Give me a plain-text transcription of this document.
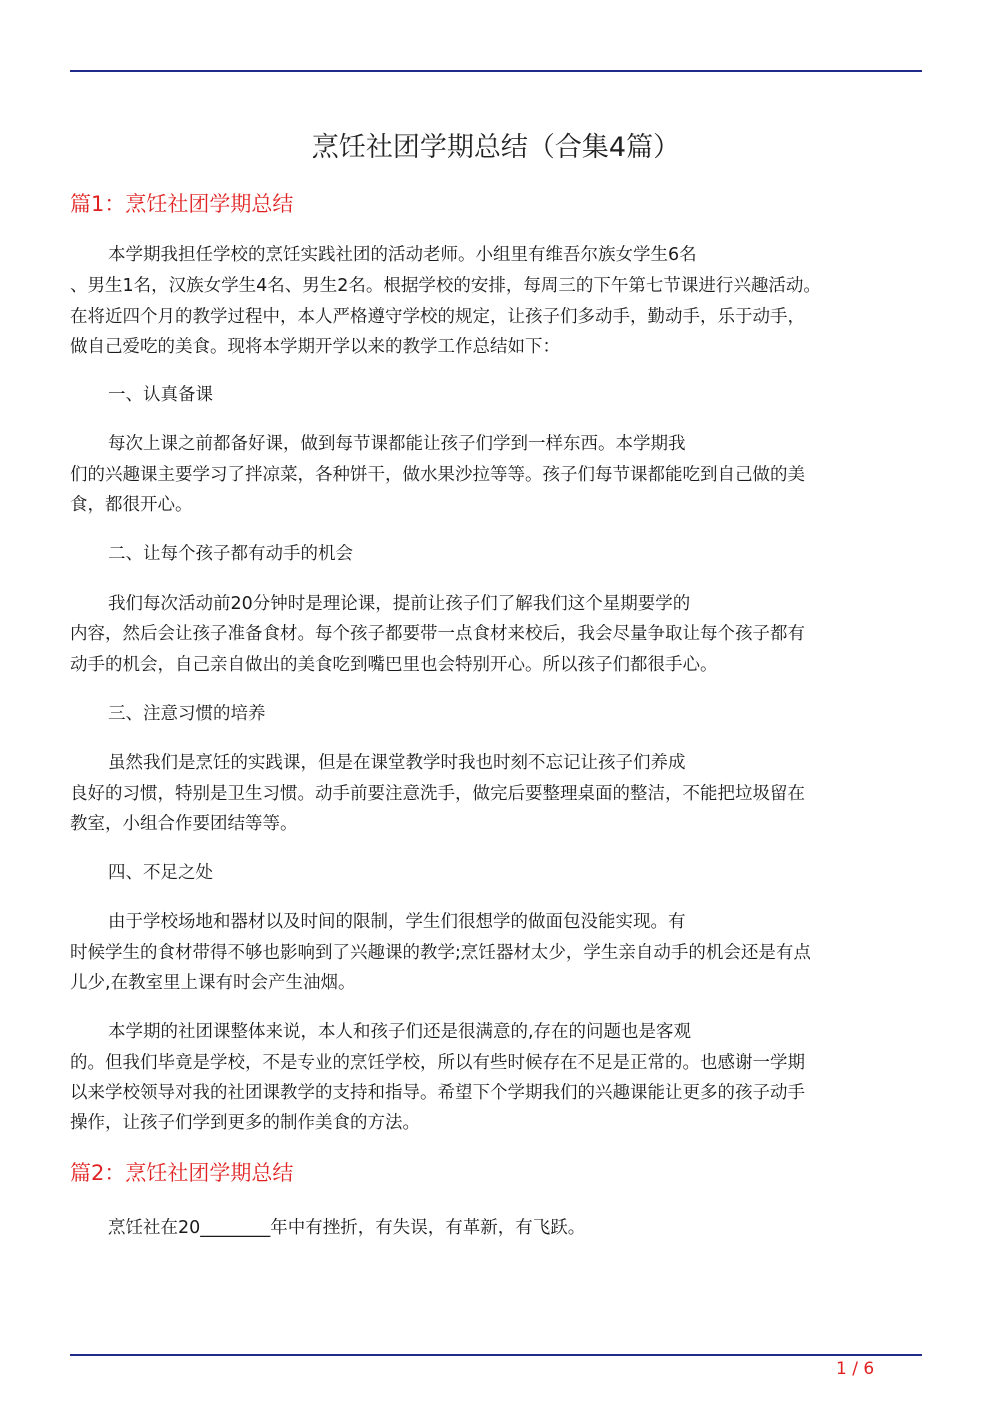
烹饪社团学期总结（合集4篇）
篇1：烹饪社团学期总结
本学期我担任学校的烹饪实践社团的活动老师。小组里有维吾尔族女学生6名
、男生1名，汉族女学生4名、男生2名。根据学校的安排，每周三的下午第七节课进行兴趣活动。
在将近四个月的教学过程中，本人严格遵守学校的规定，让孩子们多动手，勤动手，乐于动手，
做自己爱吃的美食。现将本学期开学以来的教学工作总结如下：
一、认真备课
每次上课之前都备好课，做到每节课都能让孩子们学到一样东西。本学期我
们的兴趣课主要学习了拌凉菜，各种饼干，做水果沙拉等等。孩子们每节课都能吃到自己做的美
食，都很开心。
二、让每个孩子都有动手的机会
我们每次活动前20分钟时是理论课，提前让孩子们了解我们这个星期要学的
内容，然后会让孩子准备食材。每个孩子都要带一点食材来校后，我会尽量争取让每个孩子都有
动手的机会，自己亲自做出的美食吃到嘴巴里也会特别开心。所以孩子们都很手心。
三、注意习惯的培养
虽然我们是烹饪的实践课，但是在课堂教学时我也时刻不忘记让孩子们养成
良好的习惯，特别是卫生习惯。动手前要注意洗手，做完后要整理桌面的整洁，不能把垃圾留在
教室，小组合作要团结等等。
四、不足之处
由于学校场地和器材以及时间的限制，学生们很想学的做面包没能实现。有
时候学生的食材带得不够也影响到了兴趣课的教学;烹饪器材太少，学生亲自动手的机会还是有点
儿少,在教室里上课有时会产生油烟。
本学期的社团课整体来说，本人和孩子们还是很满意的,存在的问题也是客观
的。但我们毕竟是学校，不是专业的烹饪学校，所以有些时候存在不足是正常的。也感谢一学期
以来学校领导对我的社团课教学的支持和指导。希望下个学期我们的兴趣课能让更多的孩子动手
操作，让孩子们学到更多的制作美食的方法。
篇2：烹饪社团学期总结
烹饪社在20________年中有挫折，有失误，有革新，有飞跃。
1 / 6
